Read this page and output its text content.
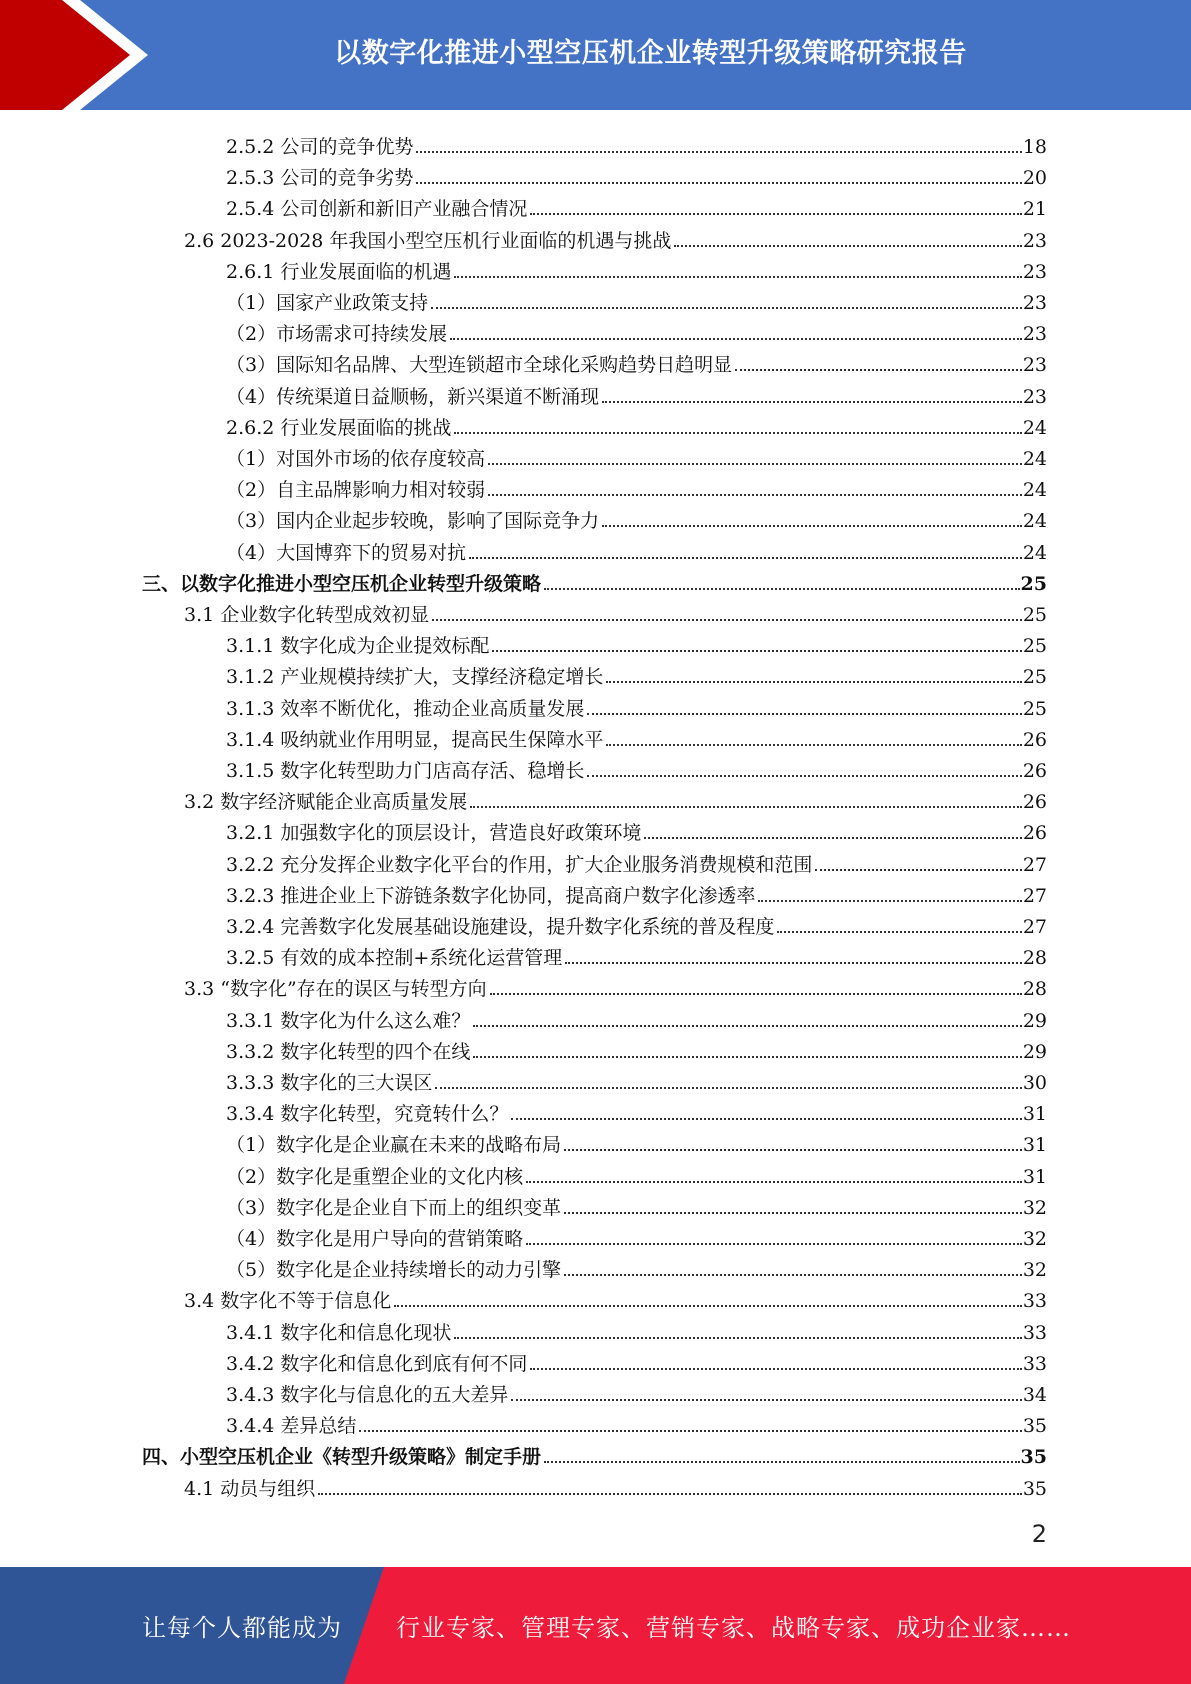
以数字化推进小型空压机企业转型升级策略研究报告
2.5.2 公司的竞争优势	18
2.5.3 公司的竞争劣势	20
2.5.4 公司创新和新旧产业融合情况	21
2.6 2023-2028 年我国小型空压机行业面临的机遇与挑战	23
2.6.1 行业发展面临的机遇	23
（1）国家产业政策支持	23
（2）市场需求可持续发展	23
（3）国际知名品牌、大型连锁超市全球化采购趋势日趋明显	23
（4）传统渠道日益顺畅，新兴渠道不断涌现	23
2.6.2 行业发展面临的挑战	24
（1）对国外市场的依存度较高	24
（2）自主品牌影响力相对较弱	24
（3）国内企业起步较晚，影响了国际竞争力	24
（4）大国博弈下的贸易对抗	24
三、以数字化推进小型空压机企业转型升级策略	25
3.1 企业数字化转型成效初显	25
3.1.1 数字化成为企业提效标配	25
3.1.2 产业规模持续扩大，支撑经济稳定增长	25
3.1.3 效率不断优化，推动企业高质量发展	25
3.1.4 吸纳就业作用明显，提高民生保障水平	26
3.1.5 数字化转型助力门店高存活、稳增长	26
3.2 数字经济赋能企业高质量发展	26
3.2.1 加强数字化的顶层设计，营造良好政策环境	26
3.2.2 充分发挥企业数字化平台的作用，扩大企业服务消费规模和范围	27
3.2.3 推进企业上下游链条数字化协同，提高商户数字化渗透率	27
3.2.4 完善数字化发展基础设施建设，提升数字化系统的普及程度	27
3.2.5 有效的成本控制+系统化运营管理	28
3.3 “数字化”存在的误区与转型方向	28
3.3.1 数字化为什么这么难？	29
3.3.2 数字化转型的四个在线	29
3.3.3 数字化的三大误区	30
3.3.4 数字化转型，究竟转什么？	31
（1）数字化是企业赢在未来的战略布局	31
（2）数字化是重塑企业的文化内核	31
（3）数字化是企业自下而上的组织变革	32
（4）数字化是用户导向的营销策略	32
（5）数字化是企业持续增长的动力引擎	32
3.4 数字化不等于信息化	33
3.4.1 数字化和信息化现状	33
3.4.2 数字化和信息化到底有何不同	33
3.4.3 数字化与信息化的五大差异	34
3.4.4 差异总结	35
四、小型空压机企业《转型升级策略》制定手册	35
4.1 动员与组织	35
2
让每个人都能成为 行业专家、管理专家、营销专家、战略专家、成功企业家……
